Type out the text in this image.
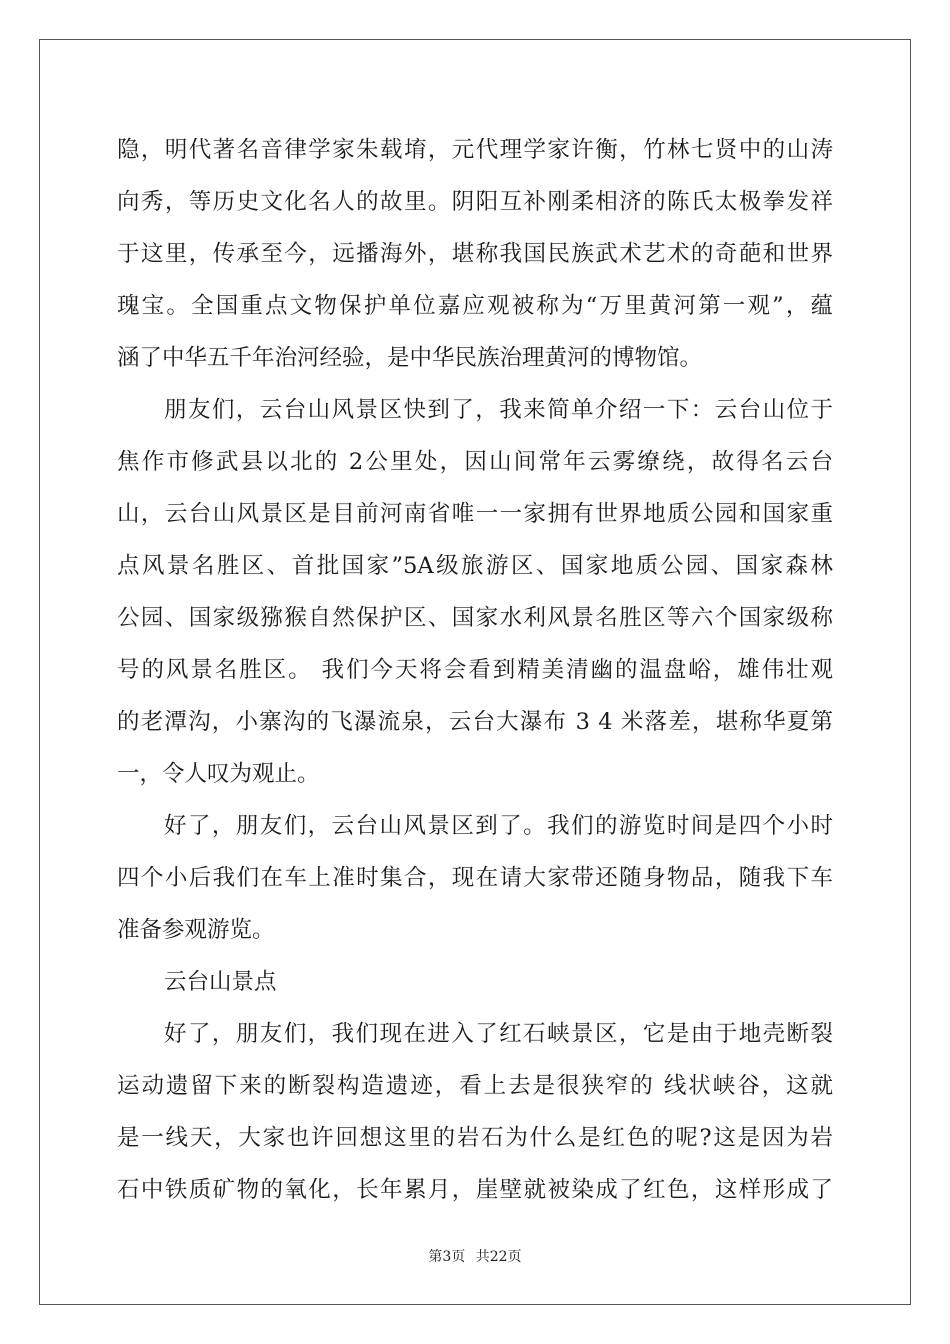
隐，明代著名音律学家朱载堉，元代理学家许衡，竹林七贤中的山涛
向秀，等历史文化名人的故里。阴阳互补刚柔相济的陈氏太极拳发祥
于这里，传承至今，远播海外，堪称我国民族武术艺术的奇葩和世界
瑰宝。全国重点文物保护单位嘉应观被称为“万里黄河第一观”，蕴
涵了中华五千年治河经验，是中华民族治理黄河的博物馆。
朋友们，云台山风景区快到了，我来简单介绍一下：云台山位于
焦作市修武县以北的 2公里处，因山间常年云雾缭绕，故得名云台
山，云台山风景区是目前河南省唯一一家拥有世界地质公园和国家重
点风景名胜区、首批国家”5A级旅游区、国家地质公园、国家森林
公园、国家级猕猴自然保护区、国家水利风景名胜区等六个国家级称
号的风景名胜区。 我们今天将会看到精美清幽的温盘峪，雄伟壮观
的老潭沟，小寨沟的飞瀑流泉，云台大瀑布 3 4 米落差，堪称华夏第
一，令人叹为观止。
好了，朋友们，云台山风景区到了。我们的游览时间是四个小时
四个小后我们在车上准时集合，现在请大家带还随身物品，随我下车
准备参观游览。
云台山景点
好了，朋友们，我们现在进入了红石峡景区，它是由于地壳断裂
运动遗留下来的断裂构造遗迹，看上去是很狭窄的 线状峡谷，这就
是一线天，大家也许回想这里的岩石为什么是红色的呢?这是因为岩
石中铁质矿物的氧化，长年累月，崖壁就被染成了红色，这样形成了
第3页 共22页
